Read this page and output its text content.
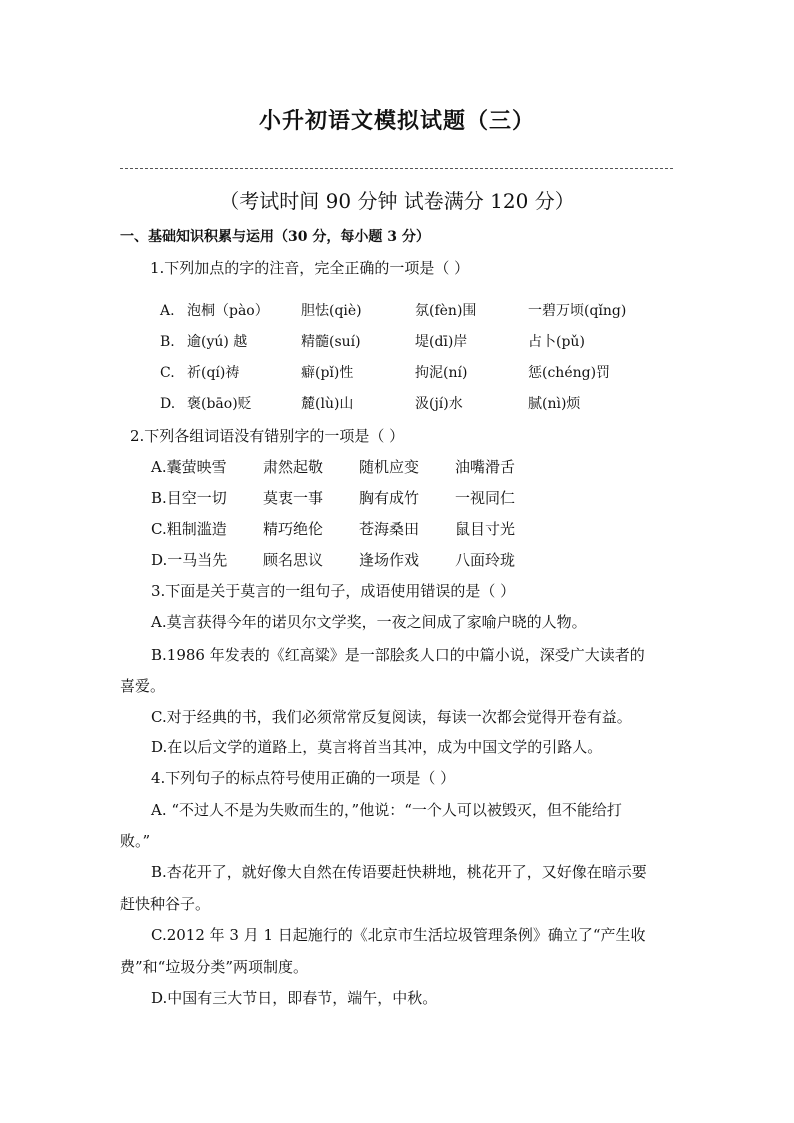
小升初语文模拟试题（三）
（考试时间 90 分钟 试卷满分 120 分）
一、基础知识积累与运用（30 分，每小题 3 分）
1.下列加点的字的注音，完全正确的一项是（ ）
A. 泡桐（pào） 胆怯(qiè)	氛(fèn)围	一碧万顷(qǐng)
B. 逾(yú) 越	精髓(suí)	堤(dī)岸	占卜(pǔ)
C. 祈(qí)祷	癖(pǐ)性	拘泥(ní)	惩(chéng)罚
D. 褒(bāo)贬	麓(lù)山	汲(jí)水	腻(nì)烦
2.下列各组词语没有错别字的一项是（ ）
A.囊萤映雪 肃然起敬 随机应变 油嘴滑舌
B.目空一切 莫衷一事 胸有成竹 一视同仁
C.粗制滥造 精巧绝伦 苍海桑田 鼠目寸光
D.一马当先 顾名思议 逢场作戏 八面玲珑
3.下面是关于莫言的一组句子，成语使用错误的是（ ）
A.莫言获得今年的诺贝尔文学奖，一夜之间成了家喻户晓的人物。
B.1986 年发表的《红高粱》是一部脍炙人口的中篇小说，深受广大读者的
喜爱。
C.对于经典的书，我们必须常常反复阅读，每读一次都会觉得开卷有益。
D.在以后文学的道路上，莫言将首当其冲，成为中国文学的引路人。
4.下列句子的标点符号使用正确的一项是（ ）
A. “不过人不是为失败而生的，”他说：“一个人可以被毁灭，但不能给打
败。”
B.杏花开了，就好像大自然在传语要赶快耕地，桃花开了，又好像在暗示要
赶快种谷子。
C.2012 年 3 月 1 日起施行的《北京市生活垃圾管理条例》确立了“产生收
费”和“垃圾分类”两项制度。
D.中国有三大节日，即春节，端午，中秋。
